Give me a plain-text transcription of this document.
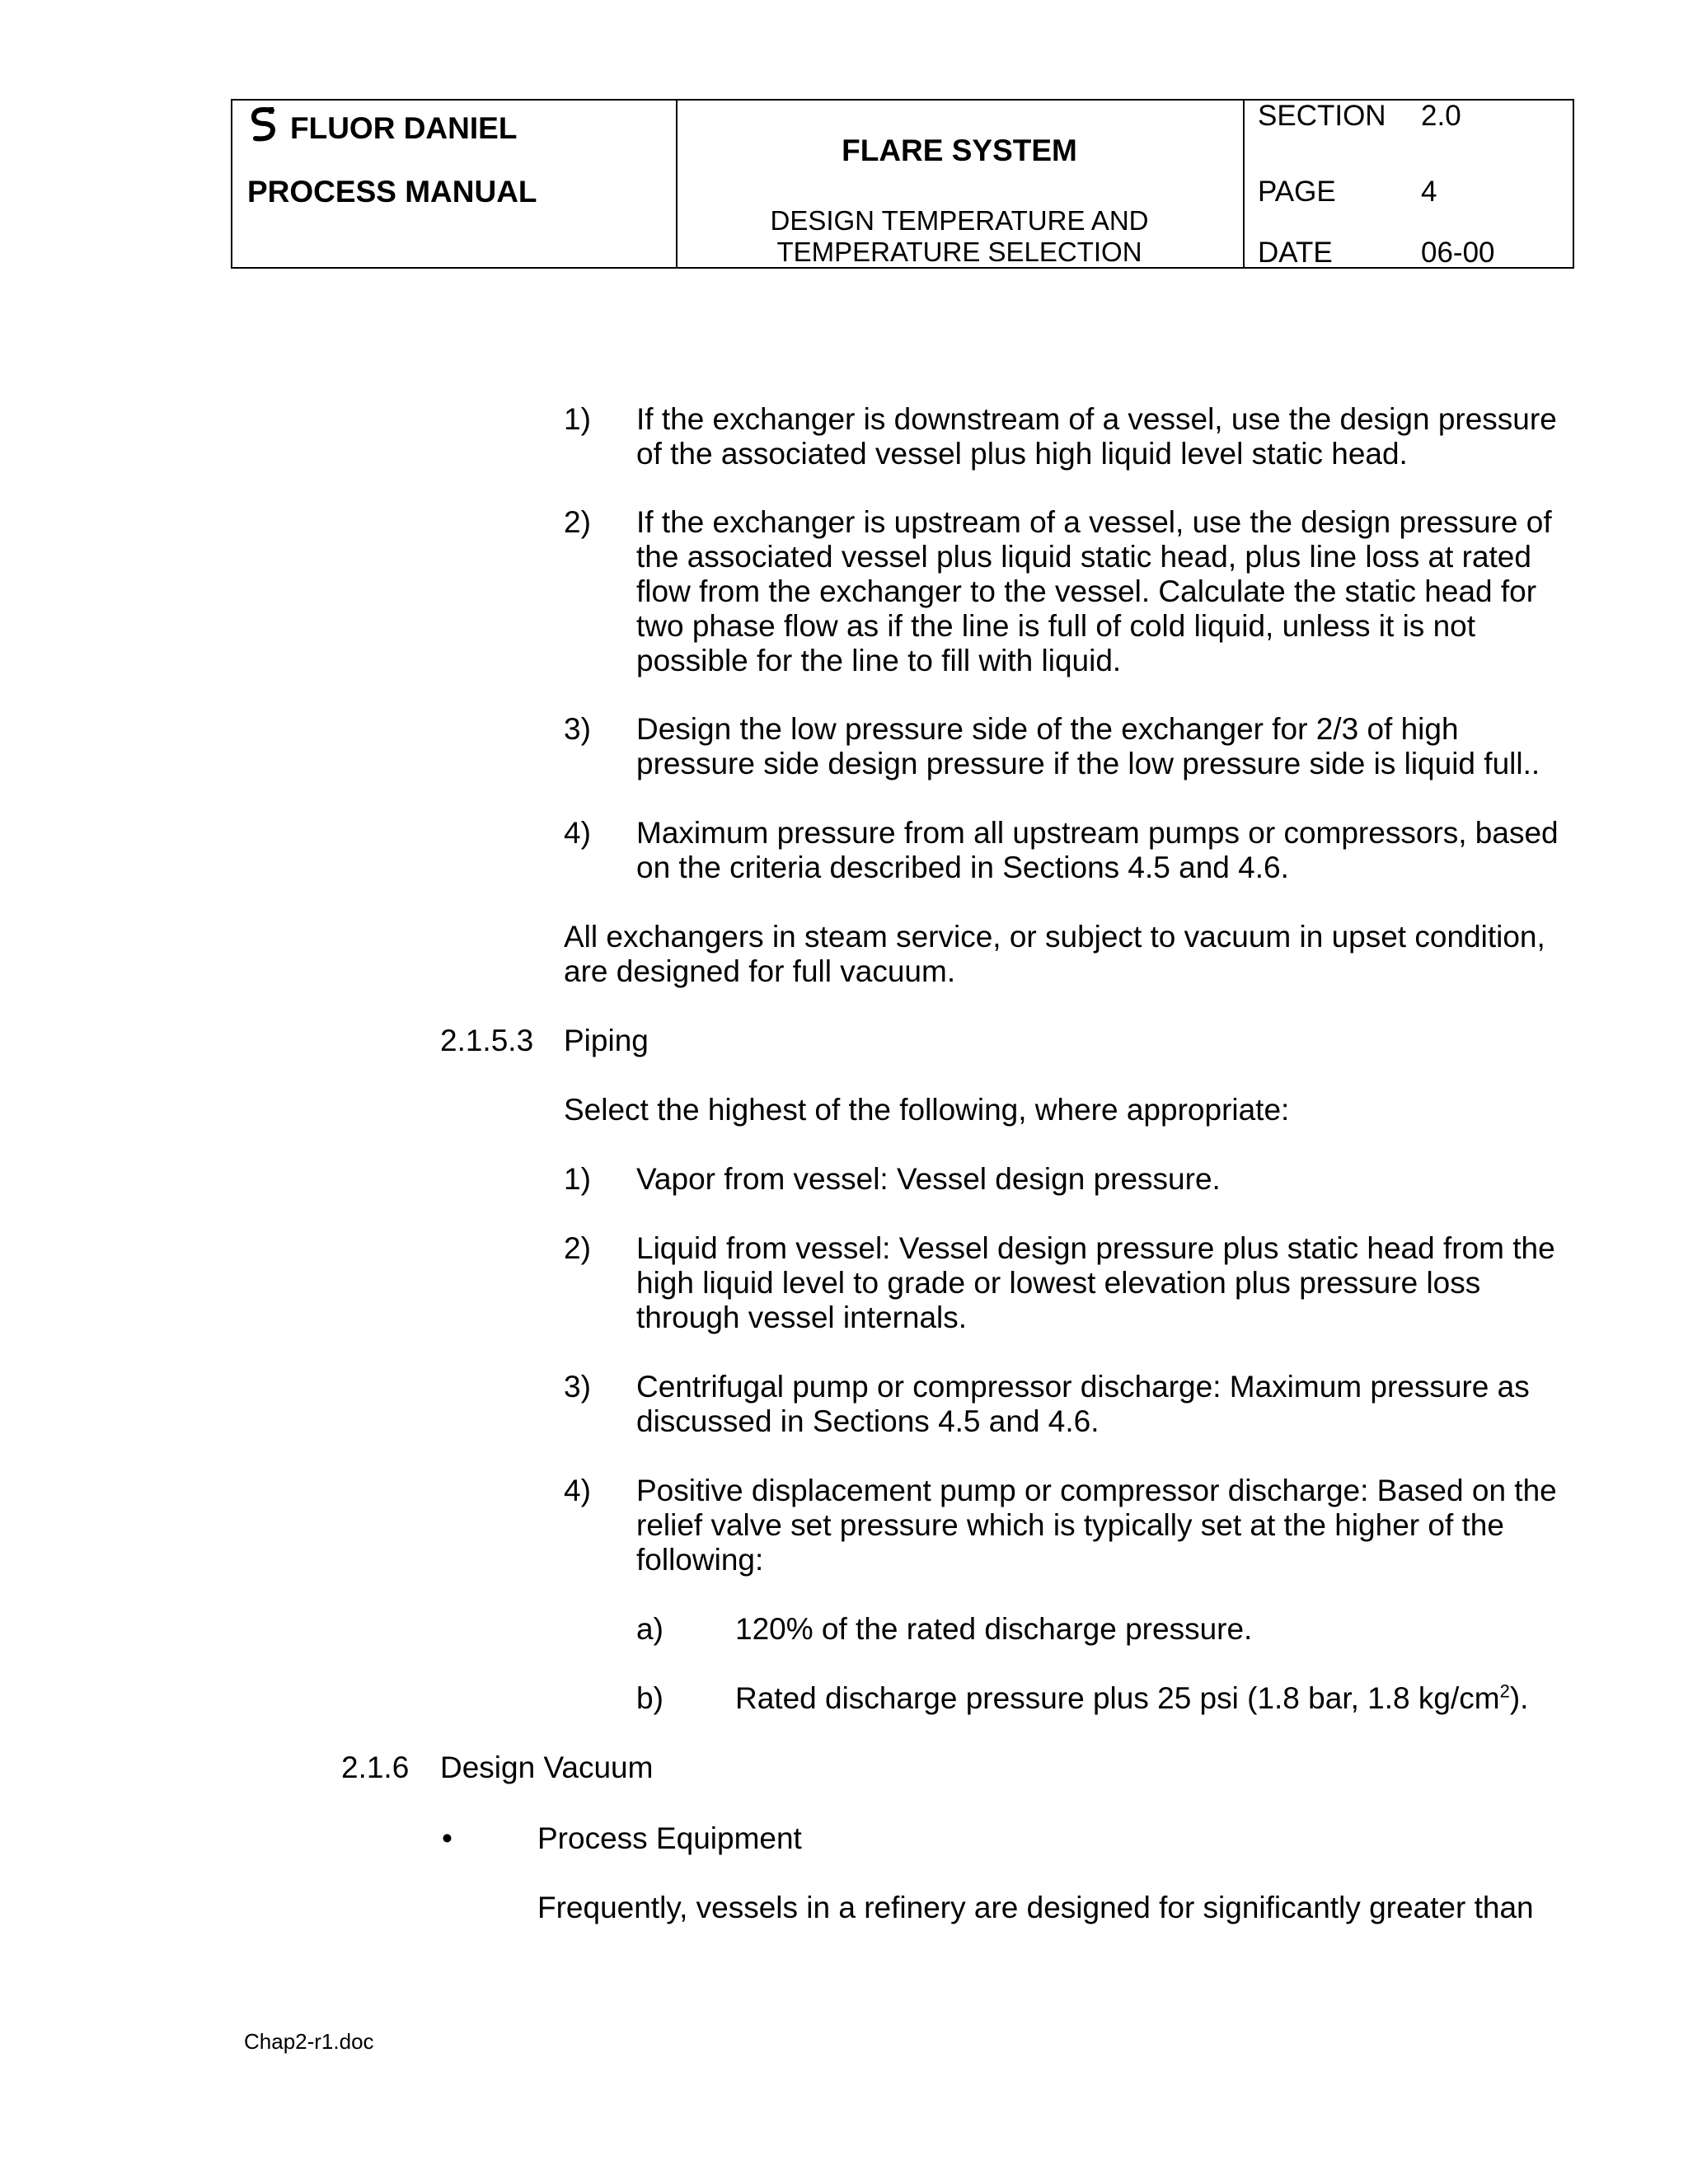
FLUOR DANIEL
PROCESS MANUAL
FLARE SYSTEM
DESIGN TEMPERATURE AND
TEMPERATURE SELECTION
SECTION 2.0
PAGE	4
DATE	06-00
1) If the exchanger is downstream of a vessel, use the design pressure
of the associated vessel plus high liquid level static head.
2) If the exchanger is upstream of a vessel, use the design pressure of
the associated vessel plus liquid static head, plus line loss at rated
flow from the exchanger to the vessel. Calculate the static head for
two phase flow as if the line is full of cold liquid, unless it is not
possible for the line to fill with liquid.
3) Design the low pressure side of the exchanger for 2/3 of high
pressure side design pressure if the low pressure side is liquid full..
4) Maximum pressure from all upstream pumps or compressors, based
on the criteria described in Sections 4.5 and 4.6.
All exchangers in steam service, or subject to vacuum in upset condition,
are designed for full vacuum.
2.1.5.3 Piping
Select the highest of the following, where appropriate:
1) Vapor from vessel: Vessel design pressure.
2) Liquid from vessel: Vessel design pressure plus static head from the
high liquid level to grade or lowest elevation plus pressure loss
through vessel internals.
3) Centrifugal pump or compressor discharge: Maximum pressure as
discussed in Sections 4.5 and 4.6.
4) Positive displacement pump or compressor discharge: Based on the
relief valve set pressure which is typically set at the higher of the
following:
a) 120% of the rated discharge pressure.
b) Rated discharge pressure plus 25 psi (1.8 bar, 1.8 $kg/cm^2$).
2.1.6 Design Vacuum
•	Process Equipment
Frequently, vessels in a refinery are designed for significantly greater than
Chap2-r1.doc
